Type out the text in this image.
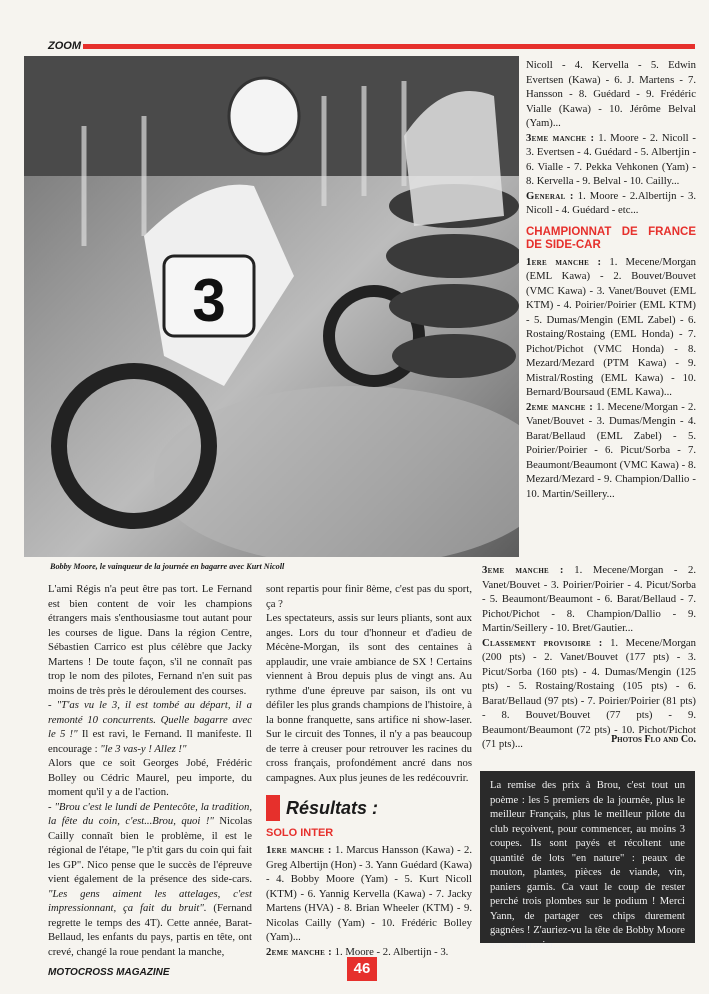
ZOOM
3
Bobby Moore, le vainqueur de la journée en bagarre avec Kurt Nicoll

Nicoll - 4. Kervella - 5. Edwin Evertsen (Kawa) - 6. J. Martens - 7. Hansson - 8. Guédard - 9. Frédéric Vialle (Kawa) - 10. Jérôme Belval (Yam)...

3eme manche : 1. Moore - 2. Nicoll - 3. Evertsen - 4. Guédard - 5. Albertjin - 6. Vialle - 7. Pekka Vehkonen (Yam) - 8. Kervella - 9. Belval - 10. Cailly...

General : 1. Moore - 2.Albertijn - 3. Nicoll - 4. Guédard - etc...

CHAMPIONNAT DE FRANCE DE SIDE-CAR

1ere manche : 1. Mecene/Morgan (EML Kawa) - 2. Bouvet/Bouvet (VMC Kawa) - 3. Vanet/Bouvet (EML KTM) - 4. Poirier/Poirier (EML KTM) - 5. Dumas/Mengin (EML Zabel) - 6. Rostaing/Rostaing (EML Honda) - 7. Pichot/Pichot (VMC Honda) - 8. Mezard/Mezard (PTM Kawa) - 9. Mistral/Rosting (EML Kawa) - 10. Bernard/Boursaud (EML Kawa)...

2eme manche : 1. Mecene/Morgan - 2. Vanet/Bouvet - 3. Dumas/Mengin - 4. Barat/Bellaud (EML Zabel) - 5. Poirier/Poirier - 6. Picut/Sorba - 7. Beaumont/Beaumont (VMC Kawa) - 8. Mezard/Mezard - 9. Champion/Dallio - 10. Martin/Seillery...

3eme manche : 1. Mecene/Morgan - 2. Vanet/Bouvet - 3. Poirier/Poirier - 4. Picut/Sorba - 5. Beaumont/Beaumont - 6. Barat/Bellaud - 7. Pichot/Pichot - 8. Champion/Dallio - 9. Martin/Seillery - 10. Bret/Gautier...

Classement provisoire : 1. Mecene/Morgan (200 pts) - 2. Vanet/Bouvet (177 pts) - 3. Picut/Sorba (160 pts) - 4. Dumas/Mengin (125 pts) - 5. Rostaing/Rostaing (105 pts) - 6. Barat/Bellaud (97 pts) - 7. Poirier/Poirier (81 pts) - 8. Bouvet/Bouvet (77 pts) - 9. Beaumont/Beaumont (72 pts) - 10. Pichot/Pichot (71 pts)...	Photos Flo and Co.

L'ami Régis n'a peut être pas tort. Le Fernand est bien content de voir les champions étrangers mais s'enthousiasme tout autant pour les courses de ligue. Dans la région Centre, Sébastien Carrico est plus célèbre que Jacky Martens ! De toute façon, s'il ne connaît pas trop le nom des pilotes, Fernand n'en suit pas moins de très près le déroulement des courses.

- "T'as vu le 3, il est tombé au départ, il a remonté 10 concurrents. Quelle bagarre avec le 5 !" Il est ravi, le Fernand. Il manifeste. Il encourage : "le 3 vas-y ! Allez !"

Alors que ce soit Georges Jobé, Frédéric Bolley ou Cédric Maurel, peu importe, du moment qu'il y a de l'action.

- "Brou c'est le lundi de Pentecôte, la tradition, la fête du coin, c'est...Brou, quoi !" Nicolas Cailly connaît bien le problème, il est le régional de l'étape, "le p'tit gars du coin qui fait les GP". Nico pense que le succès de l'épreuve vient également de la présence des side-cars. "Les gens aiment les attelages, c'est impressionnant, ça fait du bruit". (Fernand regrette le temps des 4T). Cette année, Barat-Bellaud, les enfants du pays, partis en tête, ont crevé, changé la roue pendant la manche,

sont repartis pour finir 8ème, c'est pas du sport, ça ?

Les spectateurs, assis sur leurs pliants, sont aux anges. Lors du tour d'honneur et d'adieu de Mécène-Morgan, ils sont des centaines à applaudir, une vraie ambiance de SX ! Certains viennent à Brou depuis plus de vingt ans. Au rythme d'une épreuve par saison, ils ont vu défiler les plus grands champions de l'histoire, à la bonne franquette, sans artifice ni show-laser. Sur le circuit des Tonnes, il n'y a pas beaucoup de terre à creuser pour retrouver les racines du cross français, profondément ancré dans nos campagnes. Aux plus jeunes de les redécouvrir.

Résultats :
SOLO INTER

1ere manche : 1. Marcus Hansson (Kawa) - 2. Greg Albertijn (Hon) - 3. Yann Guédard (Kawa) - 4. Bobby Moore (Yam) - 5. Kurt Nicoll (KTM) - 6. Yannig Kervella (Kawa) - 7. Jacky Martens (HVA) - 8. Brian Wheeler (KTM) - 9. Nicolas Cailly (Yam) - 10. Frédéric Bolley (Yam)...

2eme manche : 1. Moore - 2. Albertijn - 3.

La remise des prix à Brou, c'est tout un poème : les 5 premiers de la journée, plus le meilleur Français, plus le meilleur pilote du club reçoivent, pour commencer, au moins 3 coupes. Ils sont payés et récoltent une quantité de lots "en nature" : peaux de mouton, plantes, pièces de viande, vin, paniers garnis. Ca vaut le coup de rester perché trois plombes sur le podium ! Merci Yann, de partager ces chips durement gagnées ! Z'auriez-vu la tête de Bobby Moore avec son rosier...
MOTOCROSS MAGAZINE	46
